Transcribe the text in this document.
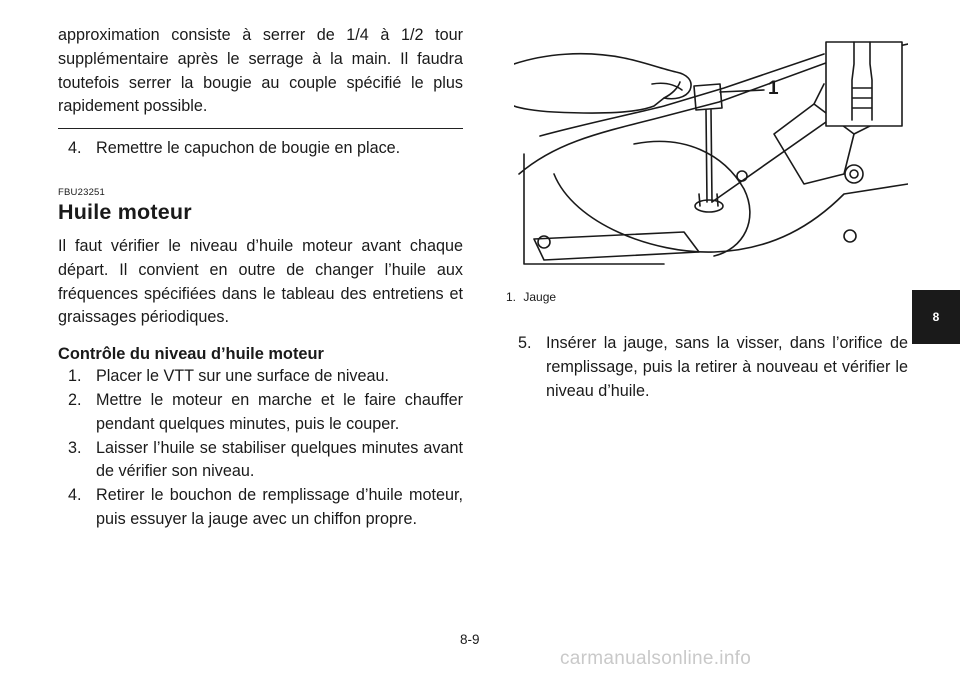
approximation consiste à serrer de 1/4 à 1/2 tour supplémentaire après le serrage à la main. Il faudra toutefois serrer la bougie au couple spécifié le plus rapidement possible.

4. Remettre le capuchon de bougie en place.

FBU23251

Huile moteur

Il faut vérifier le niveau d’huile moteur avant chaque départ. Il convient en outre de changer l’huile aux fréquences spécifiées dans le tableau des entretiens et graissages périodiques.

Contrôle du niveau d’huile moteur

1. Placer le VTT sur une surface de niveau.

2. Mettre le moteur en marche et le faire chauffer pendant quelques minutes, puis le couper.

3. Laisser l’huile se stabiliser quelques minutes avant de vérifier son niveau.

4. Retirer le bouchon de remplissage d’huile moteur, puis essuyer la jauge avec un chiffon propre.

1
1. Jauge

5. Insérer la jauge, sans la visser, dans l’orifice de remplissage, puis la retirer à nouveau et vérifier le niveau d’huile.

8-9
8
carmanualsonline.info
